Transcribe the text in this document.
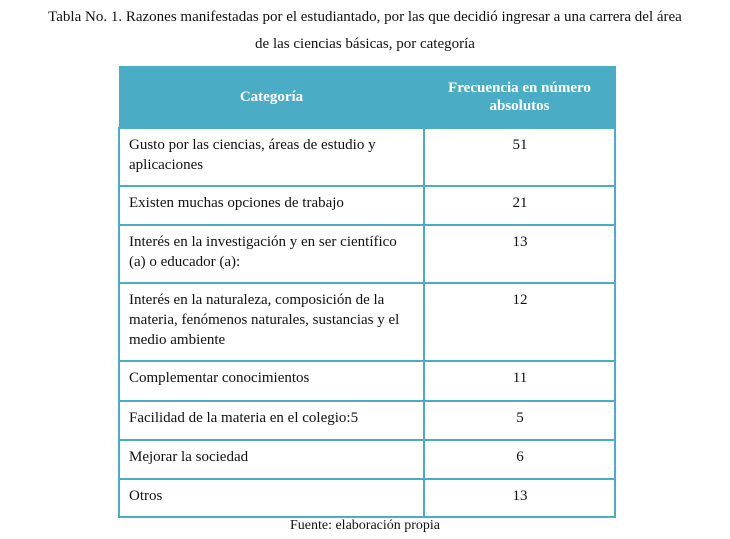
Tabla No. 1. Razones manifestadas por el estudiantado, por las que decidió ingresar a una carrera del área
de las ciencias básicas, por categoría
Categoría	Frecuencia en número absolutos
Gusto por las ciencias, áreas de estudio y aplicaciones	51
Existen muchas opciones de trabajo	21
Interés en la investigación y en ser científico (a) o educador (a):	13
Interés en la naturaleza, composición de la materia, fenómenos naturales, sustancias y el medio ambiente	12
Complementar conocimientos	11
Facilidad de la materia en el colegio:5	5
Mejorar la sociedad	6
Otros	13
Fuente: elaboración propia
